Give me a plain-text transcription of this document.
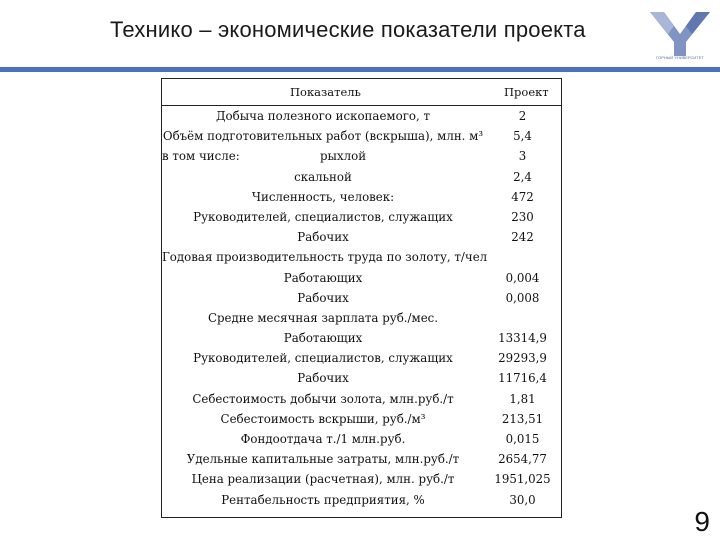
Технико – экономические показатели проекта
ГОРНЫЙ УНИВЕРСИТЕТ
Показатель	Проект
Добыча полезного ископаемого, т	2
Объём подготовительных работ (вскрыша), млн. м³	5,4
в том числе:	рыхлой	3
скальной	2,4
Численность, человек:	472
Руководителей, специалистов, служащих	230
Рабочих	242
Годовая производительность труда по золоту, т/чел
Работающих	0,004
Рабочих	0,008
Средне месячная зарплата руб./мес.
Работающих	13314,9
Руководителей, специалистов, служащих	29293,9
Рабочих	11716,4
Себестоимость добычи золота, млн.руб./т	1,81
Себестоимость вскрыши, руб./м³	213,51
Фондоотдача т./1 млн.руб.	0,015
Удельные капитальные затраты, млн.руб./т	2654,77
Цена реализации (расчетная), млн. руб./т	1951,025
Рентабельность предприятия, %	30,0
9
